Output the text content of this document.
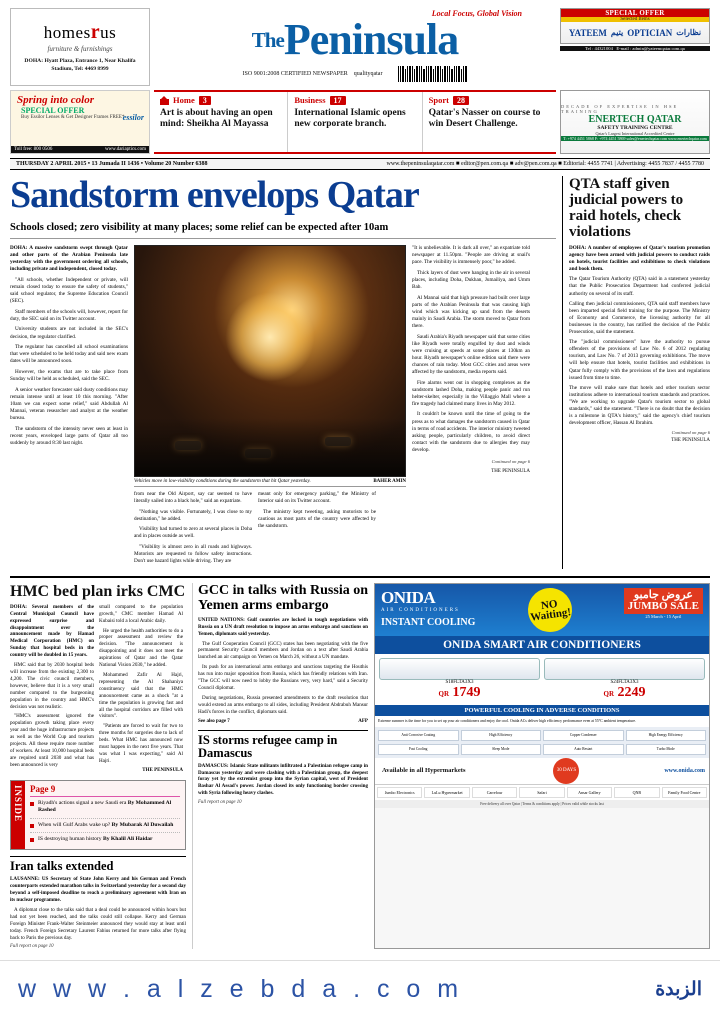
homesrus
furniture & furnishings
DOHA: Hyatt Plaza, Entrance 1, Near Khalifa Stadium, Tel: 4469 8999
Local Focus, Global Vision
$^{The}$Peninsula
ISO 9001:2008 CERTIFIED NEWSPAPER qualityqatar
SPECIAL OFFER
Selected Items
YATEEM يتيم OPTICIAN نظارات
Tel : 44321004 E-mail : admin@yateemqatar.com.qa
Spring into color
SPECIAL OFFER
Buy Essilor Lenses & Get Designer Frames FREE*
essilor
Toll free: 800 0506	www.dariaptics.com
Home	3
Art is about having an open mind: Sheikha Al Mayassa
Business	17
International Islamic opens new corporate branch.
Sport	28
Qatar's Nasser on course to win Desert Challenge.
DECADE OF EXPERTISE IN HSE TRAINING
ENERTECH QATAR
SAFETY TRAINING CENTRE
Qatar's Largest International Accredited Centre
T: +974 4451 5868 F: +974 4451 5869 sales@enertechqatar.com www.enertechqatar.com
THURSDAY 2 APRIL 2015 • 13 Jumada II 1436 • Volume 20 Number 6388	www.thepeninsulaqatar.com ■ editor@pen.com.qa ■ adv@pen.com.qa ■ Editorial: 4455 7741 | Advertising: 4455 7837 / 4455 7780
Sandstorm envelops Qatar
Schools closed; zero visibility at many places; some relief can be expected after 10am

DOHA: A massive sandstorm swept through Qatar and other parts of the Arabian Peninsula late yesterday with the government ordering all schools, including private and independent, closed today.

"All schools, whether Independent or private, will remain closed today to ensure the safety of students," said school regulator, the Supreme Education Council (SEC).

Staff members of the schools will, however, report for duty, the SEC said on its Twitter account.

University students are not included in the SEC's decision, the regulator clarified.

The regulator has cancelled all school examinations that were scheduled to be held today and said new exam dates will be announced soon.

However, the exams that are to take place from Sunday will be held as scheduled, said the SEC.

A senior weather forecaster said dusty conditions may remain intense until at least 10 this morning. "After 10am we can expect some relief," said Abdullah Al Mannai, veteran researcher and analyst at the weather bureau.

The sandstorm of the intensity never seen at least in recent years, enveloped large parts of Qatar all too suddenly by around 8:30 last night.

Vehicles move in low-visibility conditions during the sandstorm that hit Qatar yesterday.	BAHER AMIN

from near the Old Airport, say car seemed to have literally sailed into a black hole," said an expatriate.

"Nothing was visible. Fortunately, I was close to my destination," he added.

Visibility had turned to zero at several places in Doha and in places outside as well.

"Visibility is almost zero in all roads and highways. Motorists are requested to follow safety instructions. Don't use hazard lights while driving. They are

meant only for emergency parking," the Ministry of Interior said on its Twitter account.

The ministry kept tweeting, asking motorists to be cautious as most parts of the country were affected by the sandstorm.

"It is unbelievable. It is dark all over," an expatriate told newspaper at 11.50pm. "People are driving at snail's pace. The visibility is immensely poor," he added.

Thick layers of dust were hanging in the air in several places, including Doha, Dukhan, Jumailiya, and Umm Bab.

Al Mannai said that high pressure had built over large parts of the Arabian Peninsula that was causing high wind which was kicking up sand from the deserts mainly in Saudi Arabia. The storm moved to Qatar from there.

Saudi Arabia's Riyadh newspaper said that some cities like Riyadh were totally engulfed by dust and winds were cruising at speeds at some places at 130km an hour. Riyadh newspaper's online edition said there were chances of rain today. Most GCC cities and areas were affected by the sandstorm, media reports said.

Fire alarms went out in shopping complexes as the sandstorm lashed Doha, making people panic and run helter-skelter, especially in the Villaggio Mall where a fire tragedy had claimed many lives in May 2012.

It couldn't be known until the time of going to the press as to what damages the sandstorm caused in Qatar in terms of road accidents. The interior ministry tweeted asking people, particularly children, to avoid direct contact with the sandstorm due to allergies they may develop.

Continued on page 6
THE PENINSULA
QTA staff given judicial powers to raid hotels, check violations

DOHA: A number of employees of Qatar's tourism promotion agency have been armed with judicial powers to conduct raids on hotels, tourist facilities and exhibitions to check violations and book them.

The Qatar Tourism Authority (QTA) said in a statement yesterday that the Public Prosecution Department had conferred judicial authority on several of its staff.

Calling then judicial commissioners, QTA said staff members have been imparted special field training for the purpose. The Ministry of Economy and Commerce, the licensing authority for all businesses in the country, has ratified the decision of the Public Prosecution, said the statement.

The "judicial commissioners" have the authority to pursue offenders of the provisions of Law No. 6 of 2012 regulating tourism, and Law No. 7 of 2013 governing exhibitions. The move will help ensure that hotels, tourist facilities and exhibitions in Qatar fully comply with the provisions of the laws and regulations issued from time to time.

The move will make sure that hotels and other tourism sector institutions adhere to international tourism standards and practices. "We are working to upgrade Qatar's tourism sector to global standards," said the statement. "There is no doubt that the decision is a milestone in QTA's history," said the agency's chief tourism development officer, Hassan Al Ibrahim.

Continued on page 6
THE PENINSULA
HMC bed plan irks CMC

DOHA: Several members of the Central Municipal Council have expressed surprise and disappointment over the announcement made by Hamad Medical Corporation (HMC) on Sunday that hospital beds in the country will be doubled in 15 years.

HMC said that by 2030 hospital beds will increase from the existing 2,300 to 4,200. The civic council members, however, believe that it is a very small number compared to the burgeoning population in the country and HMC's decision was not realistic.

"HMC's assessment ignored the population growth taking place every year and the huge infrastructure projects as well as the World Cup and tourism projects. All these require more number of workers. At least 10,000 hospital beds are required until 2030 and what has been announced is very

small compared to the population growth," CMC member Hamad Al Kubaisi told a local Arabic daily.

He urged the health authorities to do a proper assessment and review the decision. "The announcement is disappointing and it does not meet the aspirations of Qatar and the Qatar National Vision 2030," he added.

Mohammed Zafir Al Hajri, representing the Al Shahaniya constituency said that the HMC announcement came as a shock "at a time the population is growing fast and all the hospital corridors are filled with visitors".

"Patients are forced to wait for two to three months for surgeries due to lack of beds. What HMC has announced now must happen in the next five years. That was what I was expecting," said Al Hajri.

THE PENINSULA
INSIDE Page 9
Riyadh's actions signal a new Saudi era By Mohammed Al Rashed
When will Gulf Arabs wake up? By Mubarak Al Duwailah
IS destroying human history By Khalil Ali Haidar
Iran talks extended

LAUSANNE: US Secretary of State John Kerry and his German and French counterparts extended marathon talks in Switzerland yesterday for a second day beyond a self-imposed deadline to reach a preliminary agreement with Iran on its nuclear programme.

A diplomat close to the talks said that a deal could be announced within hours but had not yet been reached, and the talks could still collapse. Kerry and German Foreign Minister Frank-Walter Steinmeier announced they would stay at least until today. French Foreign Secretary Laurent Fabius returned for more talks after flying back to Paris the previous day.

Full report on page 10
GCC in talks with Russia on Yemen arms embargo

UNITED NATIONS: Gulf countries are locked in tough negotiations with Russia on a UN draft resolution to impose an arms embargo and sanctions on Yemen, diplomats said yesterday.

The Gulf Cooperation Council (GCC) states has been negotiating with the five permanent Security Council members and Jordan on a text after Saudi Arabia launched an air campaign on Yemen on March 26, without a UN mandate.

Its push for an international arms embargo and sanctions targeting the Houthis has run into major opposition from Russia, which has friendly relations with Iran. "The GCC will now need to lobby the Russians very, very hard," said a Security Council diplomat.

During negotiations, Russia presented amendments to the draft resolution that would extend an arms embargo to all sides, including President Abdrabuh Mansur Hadi's forces in the conflict, diplomats said.

See also page 7	AFP
IS storms refugee camp in Damascus

DAMASCUS: Islamic State militants infiltrated a Palestinian refugee camp in Damascus yesterday and were clashing with a Palestinian group, the deepest foray yet by the extremist group into the Syrian capital, west of President Bashar Al Assad's power. Jordan closed its only functioning border crossing with Syria following heavy clashes.

Full report on page 10
ONIDA
AIR CONDITIONERS
INSTANT COOLING
NO Waiting!
عروض جامبو
JUMBO SALE
25 March - 15 April
ONIDA SMART AIR CONDITIONERS
S18FLTA3X3
QR 1749
S24FLTA3X3
QR 2249
POWERFUL COOLING IN ADVERSE CONDITIONS
Extreme summer is the time for you to set up your air conditioners and enjoy the cool. Onida ACs deliver high efficiency performance even at 55°C ambient temperature.
Anti Corrosive Coating	High Efficiency	Copper Condenser	High Energy Efficiency
Fast Cooling	Sleep Mode	Auto Restart	Turbo Mode
Available in all Hypermarkets	30 DAYS	www.onida.com
Jumbo Electronics	LuLu Hypermarket	Carrefour	Safari	Ansar Gallery	QNB	Family Food Centre
Free delivery all over Qatar | Terms & conditions apply | Prices valid while stocks last
w w w . a l z e b d a . c o m	الزبدة
